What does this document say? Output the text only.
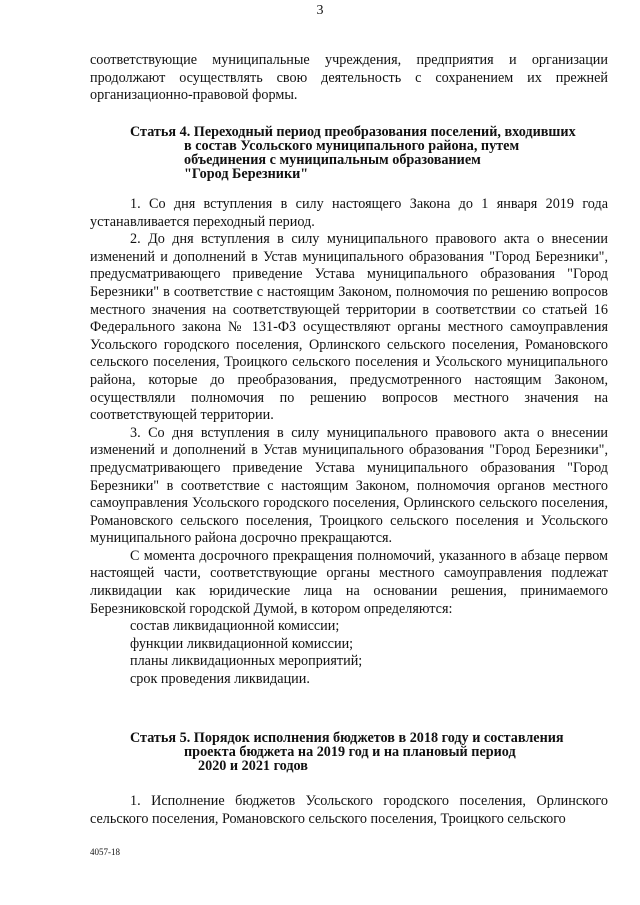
3

соответствующие муниципальные учреждения, предприятия и организации продолжают осуществлять свою деятельность с сохранением их прежней организационно-правовой формы.

Статья 4. Переходный период преобразования поселений, входивших

в состав Усольского муниципального района, путем

объединения с муниципальным образованием

"Город Березники"

1. Со дня вступления в силу настоящего Закона до 1 января 2019 года устанавливается переходный период.

2. До дня вступления в силу муниципального правового акта о внесении изменений и дополнений в Устав муниципального образования "Город Березники", предусматривающего приведение Устава муниципального образования "Город Березники" в соответствие с настоящим Законом, полномочия по решению вопросов местного значения на соответствующей территории в соответствии со статьей 16 Федерального закона № 131-ФЗ осуществляют органы местного самоуправления Усольского городского поселения, Орлинского сельского поселения, Романовского сельского поселения, Троицкого сельского поселения и Усольского муниципального района, которые до преобразования, предусмотренного настоящим Законом, осуществляли полномочия по решению вопросов местного значения на соответствующей территории.

3. Со дня вступления в силу муниципального правового акта о внесении изменений и дополнений в Устав муниципального образования "Город Березники", предусматривающего приведение Устава муниципального образования "Город Березники" в соответствие с настоящим Законом, полномочия органов местного самоуправления Усольского городского поселения, Орлинского сельского поселения, Романовского сельского поселения, Троицкого сельского поселения и Усольского муниципального района досрочно прекращаются.

С момента досрочного прекращения полномочий, указанного в абзаце первом настоящей части, соответствующие органы местного самоуправления подлежат ликвидации как юридические лица на основании решения, принимаемого Березниковской городской Думой, в котором определяются:

состав ликвидационной комиссии;

функции ликвидационной комиссии;

планы ликвидационных мероприятий;

срок проведения ликвидации.

Статья 5. Порядок исполнения бюджетов в 2018 году и составления

проекта бюджета на 2019 год и на плановый период

2020 и 2021 годов

1. Исполнение бюджетов Усольского городского поселения, Орлинского сельского поселения, Романовского сельского поселения, Троицкого сельского

4057-18
